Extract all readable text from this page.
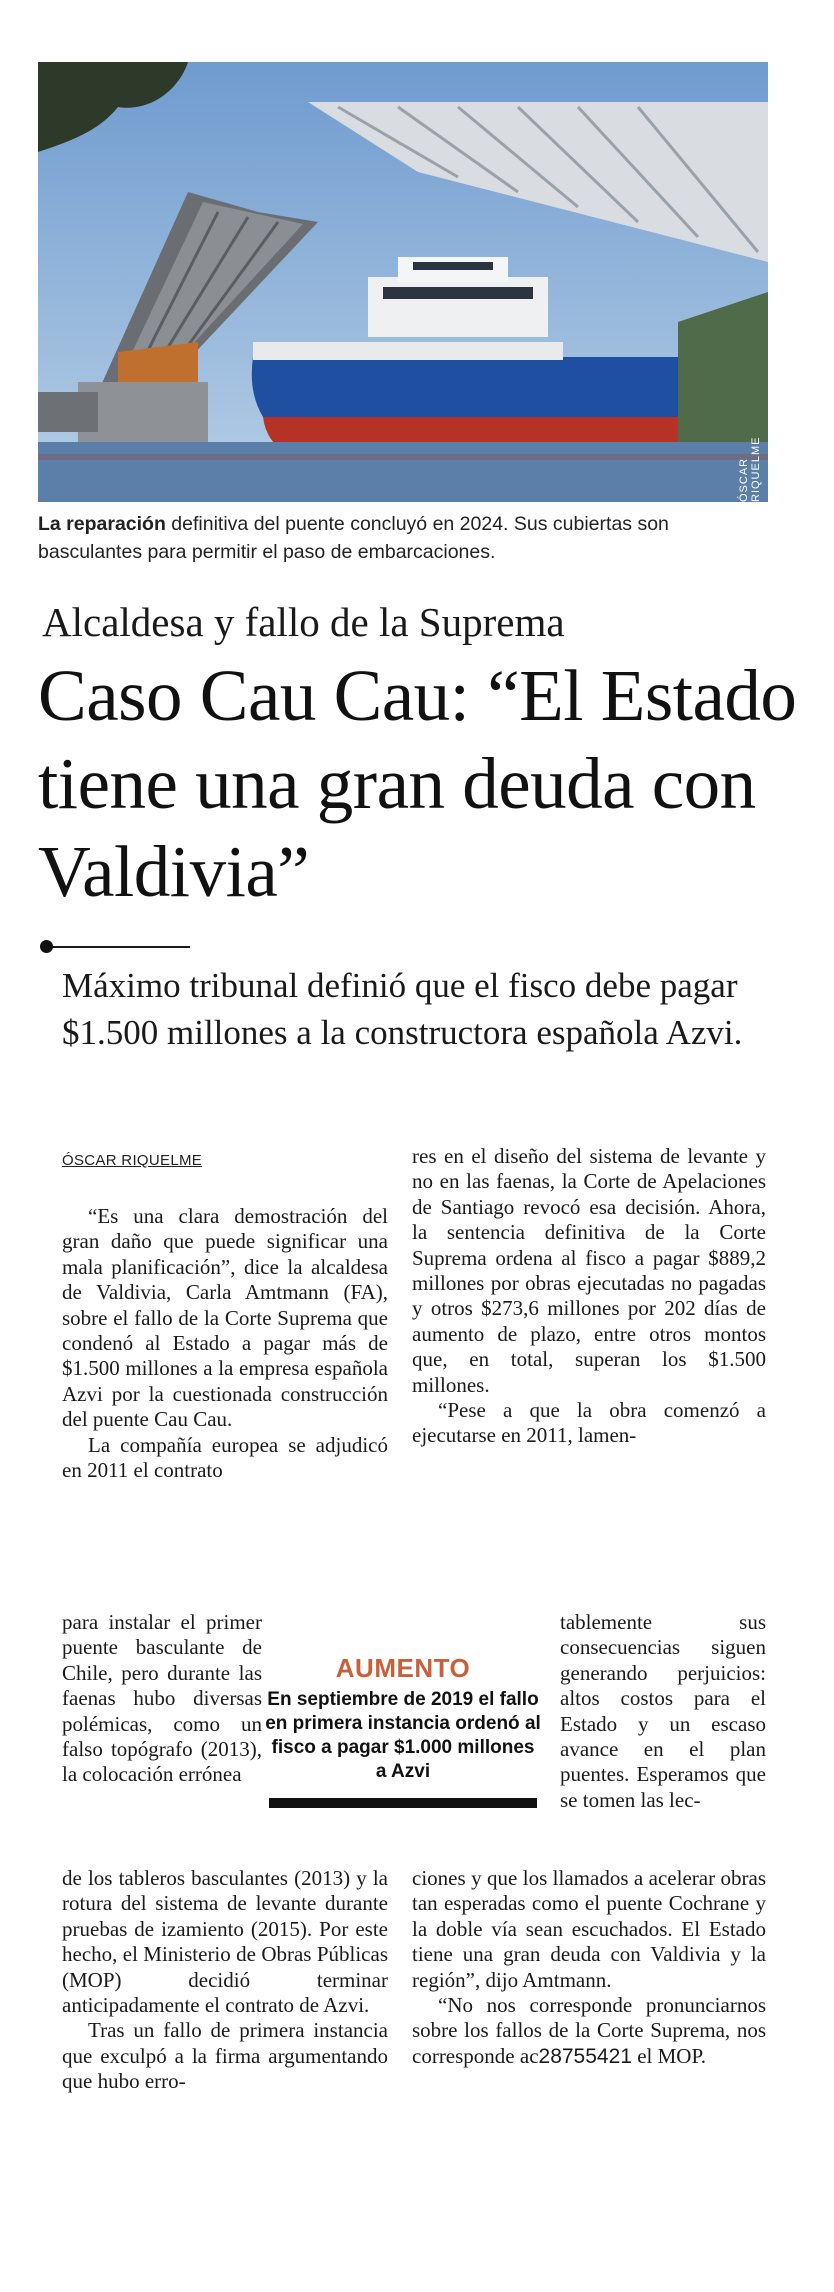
ÓSCAR RIQUELME
La reparación definitiva del puente concluyó en 2024. Sus cubiertas son basculantes para permitir el paso de embarcaciones.
Alcaldesa y fallo de la Suprema
Caso Cau Cau: “El Estado tiene una gran deuda con Valdivia”
Máximo tribunal definió que el fisco debe pagar $1.500 millones a la constructora española Azvi.
ÓSCAR RIQUELME

“Es una clara demostración del gran daño que puede significar una mala planificación”, dice la alcaldesa de Valdivia, Carla Amtmann (FA), sobre el fallo de la Corte Suprema que condenó al Estado a pagar más de $1.500 millones a la empresa española Azvi por la cuestionada construcción del puente Cau Cau.

La compañía europea se adjudicó en 2011 el contrato

para instalar el primer puente basculante de Chile, pero durante las faenas hubo diversas polémicas, como un falso topógrafo (2013), la colocación errónea

de los tableros basculantes (2013) y la rotura del sistema de levante durante pruebas de izamiento (2015). Por este hecho, el Ministerio de Obras Públicas (MOP) decidió terminar anticipadamente el contrato de Azvi.

Tras un fallo de primera instancia que exculpó a la firma argumentando que hubo erro-

res en el diseño del sistema de levante y no en las faenas, la Corte de Apelaciones de Santiago revocó esa decisión. Ahora, la sentencia definitiva de la Corte Suprema ordena al fisco a pagar $889,2 millones por obras ejecutadas no pagadas y otros $273,6 millones por 202 días de aumento de plazo, entre otros montos que, en total, superan los $1.500 millones.

“Pese a que la obra comenzó a ejecutarse en 2011, lamen-

tablemente sus consecuencias siguen generando perjuicios: altos costos para el Estado y un escaso avance en el plan puentes. Esperamos que se tomen las lec-

ciones y que los llamados a acelerar obras tan esperadas como el puente Cochrane y la doble vía sean escuchados. El Estado tiene una gran deuda con Valdivia y la región”, dijo Amtmann.

“No nos corresponde pronunciarnos sobre los fallos de la Corte Suprema, nos corresponde ac28755421 el MOP.

AUMENTO
En septiembre de 2019 el fallo en primera instancia ordenó al fisco a pagar $1.000 millones a Azvi
